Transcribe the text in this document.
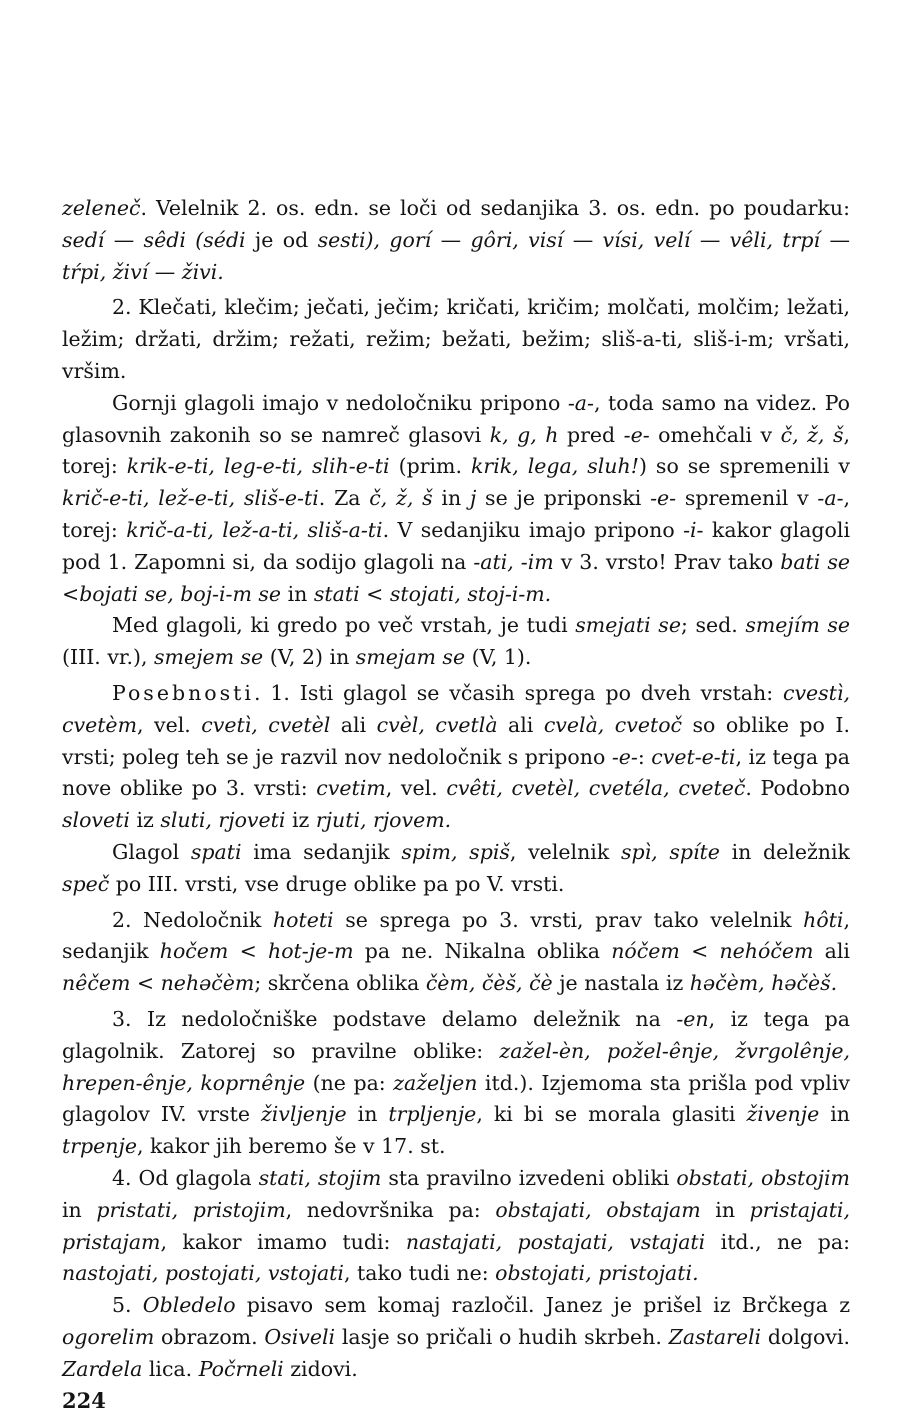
zeleneč. Velelnik 2. os. edn. se loči od sedanjika 3. os. edn. po poudarku: sedí — sêdi (sédi je od sesti), gorí — gôri, visí — vísi, velí — vêli, trpí — tŕpi, živí — živi.

2. Klečati, klečim; ječati, ječim; kričati, kričim; molčati, molčim; ležati, ležim; držati, držim; režati, režim; bežati, bežim; sliš-a-ti, sliš-i-m; vršati, vršim.

Gornji glagoli imajo v nedoločniku pripono -a-, toda samo na videz. Po glasovnih zakonih so se namreč glasovi k, g, h pred -e- omehčali v č, ž, š, torej: krik-e-ti, leg-e-ti, slih-e-ti (prim. krik, lega, sluh!) so se spremenili v krič-e-ti, lež-e-ti, sliš-e-ti. Za č, ž, š in j se je priponski -e- spremenil v -a-, torej: krič-a-ti, lež-a-ti, sliš-a-ti. V sedanjiku imajo pripono -i- kakor glagoli pod 1. Zapomni si, da sodijo glagoli na -ati, -im v 3. vrsto! Prav tako bati se <bojati se, boj-i-m se in stati < stojati, stoj-i-m.

Med glagoli, ki gredo po več vrstah, je tudi smejati se; sed. smejím se (III. vr.), smejem se (V, 2) in smejam se (V, 1).

Posebnosti. 1. Isti glagol se včasih sprega po dveh vrstah: cvestì, cvetèm, vel. cvetì, cvetèl ali cvèl, cvetlà ali cvelà, cvetoč so oblike po I. vrsti; poleg teh se je razvil nov nedoločnik s pripono -e-: cvet-e-ti, iz tega pa nove oblike po 3. vrsti: cvetim, vel. cvêti, cvetèl, cvetéla, cveteč. Podobno sloveti iz sluti, rjoveti iz rjuti, rjovem.

Glagol spati ima sedanjik spim, spiš, velelnik spì, spíte in deležnik speč po III. vrsti, vse druge oblike pa po V. vrsti.

2. Nedoločnik hoteti se sprega po 3. vrsti, prav tako velelnik hôti, sedanjik hočem < hot-je-m pa ne. Nikalna oblika nóčem < nehóčem ali nêčem < nehəčèm; skrčena oblika čèm, čèš, čè je nastala iz həčèm, həčèš.

3. Iz nedoločniške podstave delamo deležnik na -en, iz tega pa glagolnik. Zatorej so pravilne oblike: zažel-èn, požel-ênje, žvrgolênje, hrepen-ênje, koprnênje (ne pa: zaželjen itd.). Izjemoma sta prišla pod vpliv glagolov IV. vrste življenje in trpljenje, ki bi se morala glasiti živenje in trpenje, kakor jih beremo še v 17. st.

4. Od glagola stati, stojim sta pravilno izvedeni obliki obstati, obstojim in pristati, pristojim, nedovršnika pa: obstajati, obstajam in pristajati, pristajam, kakor imamo tudi: nastajati, postajati, vstajati itd., ne pa: nastojati, postojati, vstojati, tako tudi ne: obstojati, pristojati.

5. Obledelo pisavo sem komaj razločil. Janez je prišel iz Brčkega z ogorelim obrazom. Osiveli lasje so pričali o hudih skrbeh. Zastareli dolgovi. Zardela lica. Počrneli zidovi.

224
